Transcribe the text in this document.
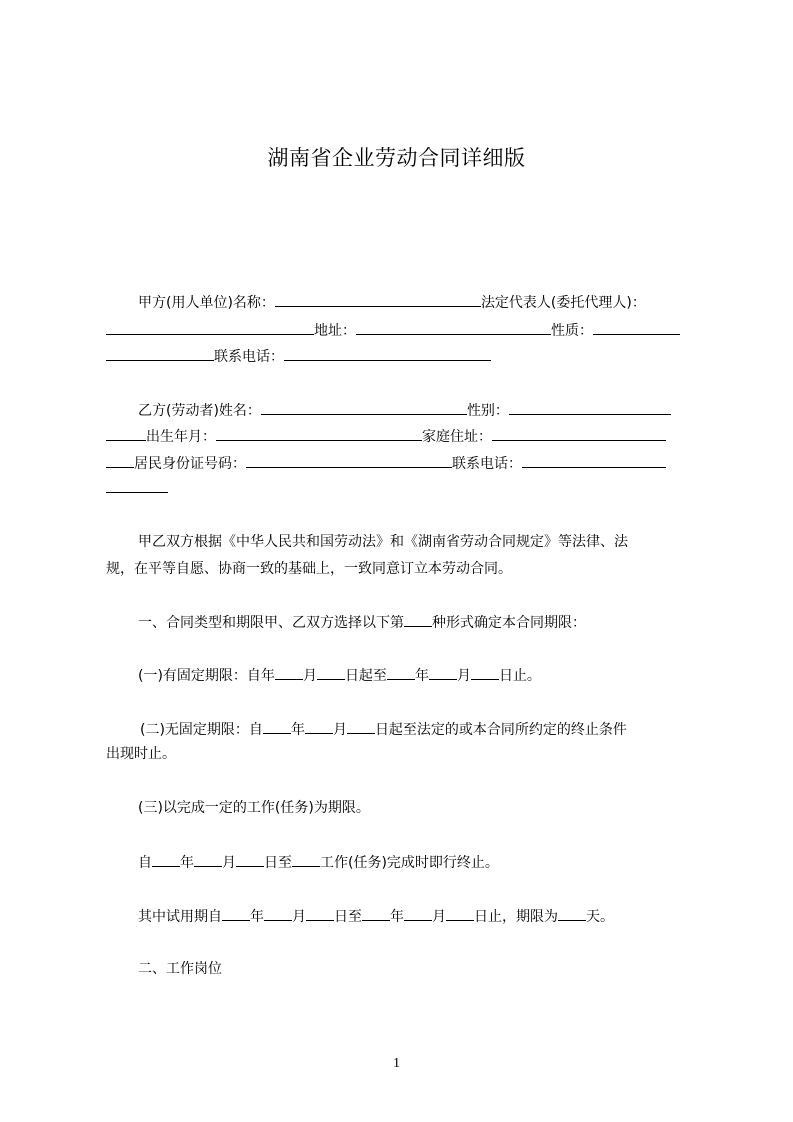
湖南省企业劳动合同详细版
甲方(用人单位)名称：	法定代表人(委托代理人)：
地址：	性质：
联系电话：
乙方(劳动者)姓名：	性别：
出生年月：	家庭住址：
居民身份证号码：	联系电话：
甲乙双方根据《中华人民共和国劳动法》和《湖南省劳动合同规定》等法律、法
规，在平等自愿、协商一致的基础上，一致同意订立本劳动合同。
一、合同类型和期限甲、乙双方选择以下第 种形式确定本合同期限：
(一)有固定期限：自年 月 日起至 年 月 日止。
(二)无固定期限：自 年 月 日起至法定的或本合同所约定的终止条件
出现时止。
(三)以完成一定的工作(任务)为期限。
自 年 月 日至 工作(任务)完成时即行终止。
其中试用期自 年 月 日至 年 月 日止，期限为 天。
二、工作岗位
1
